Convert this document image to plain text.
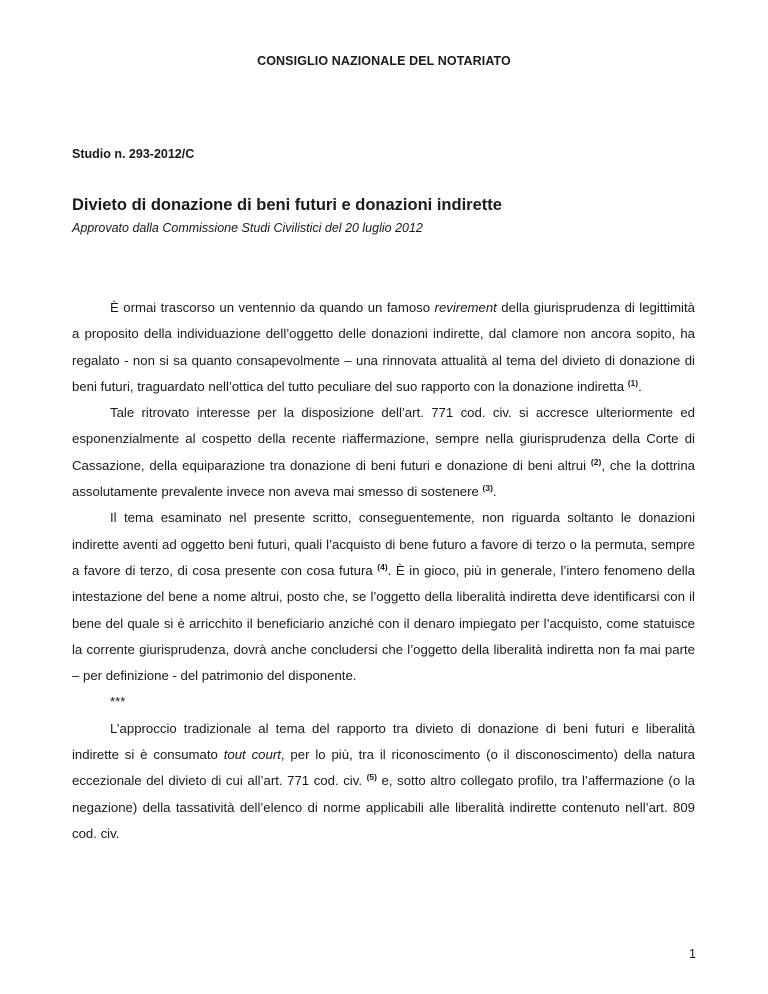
CONSIGLIO NAZIONALE DEL NOTARIATO
Studio n. 293-2012/C
Divieto di donazione di beni futuri e donazioni indirette
Approvato dalla Commissione Studi Civilistici del 20 luglio 2012

È ormai trascorso un ventennio da quando un famoso revirement della giurisprudenza di legittimità a proposito della individuazione dell’oggetto delle donazioni indirette, dal clamore non ancora sopito, ha regalato - non si sa quanto consapevolmente – una rinnovata attualità al tema del divieto di donazione di beni futuri, traguardato nell’ottica del tutto peculiare del suo rapporto con la donazione indiretta $^{(1)}$.

Tale ritrovato interesse per la disposizione dell’art. 771 cod. civ. si accresce ulteriormente ed esponenzialmente al cospetto della recente riaffermazione, sempre nella giurisprudenza della Corte di Cassazione, della equiparazione tra donazione di beni futuri e donazione di beni altrui $^{(2)}$, che la dottrina assolutamente prevalente invece non aveva mai smesso di sostenere $^{(3)}$.

Il tema esaminato nel presente scritto, conseguentemente, non riguarda soltanto le donazioni indirette aventi ad oggetto beni futuri, quali l’acquisto di bene futuro a favore di terzo o la permuta, sempre a favore di terzo, di cosa presente con cosa futura $^{(4)}$. È in gioco, più in generale, l’intero fenomeno della intestazione del bene a nome altrui, posto che, se l’oggetto della liberalità indiretta deve identificarsi con il bene del quale si è arricchito il beneficiario anziché con il denaro impiegato per l’acquisto, come statuisce la corrente giurisprudenza, dovrà anche concludersi che l’oggetto della liberalità indiretta non fa mai parte – per definizione - del patrimonio del disponente.

***

L’approccio tradizionale al tema del rapporto tra divieto di donazione di beni futuri e liberalità indirette si è consumato tout court, per lo più, tra il riconoscimento (o il disconoscimento) della natura eccezionale del divieto di cui all’art. 771 cod. civ. $^{(5)}$ e, sotto altro collegato profilo, tra l’affermazione (o la negazione) della tassatività dell’elenco di norme applicabili alle liberalità indirette contenuto nell’art. 809 cod. civ.

1
